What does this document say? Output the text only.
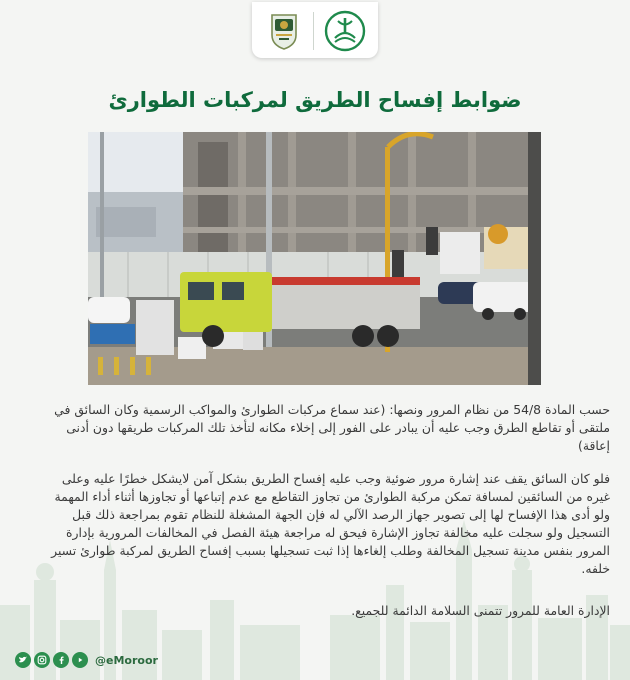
ضوابط إفساح الطريق لمركبات الطوارئ

حسب المادة 54/8 من نظام المرور ونصها: (عند سماع مركبات الطوارئ والمواكب الرسمية وكان السائق في ملتقى أو تقاطع الطرق وجب عليه أن يبادر على الفور إلى إخلاء مكانه لتأخذ تلك المركبات طريقها دون أدنى إعاقة)

فلو كان السائق يقف عند إشارة مرور ضوئية وجب عليه إفساح الطريق بشكل آمن لايشكل خطرًا عليه وعلى غيره من السائقين لمسافة تمكن مركبة الطوارئ من تجاوز التقاطع مع عدم إتباعها أو تجاوزها أثناء أداء المهمة ولو أدى هذا الإفساح لها إلى تصوير جهاز الرصد الآلي له فإن الجهة المشغلة للنظام تقوم بمراجعة ذلك قبل التسجيل ولو سجلت عليه مخالفة تجاوز الإشارة فيحق له مراجعة هيئة الفصل في المخالفات المرورية بإدارة المرور بنفس مدينة تسجيل المخالفة وطلب إلغاءها إذا ثبت تسجيلها بسبب إفساح الطريق لمركبة طوارئ تسير خلفه.

الإدارة العامة للمرور تتمنى السلامة الدائمة للجميع.

@eMoroor
